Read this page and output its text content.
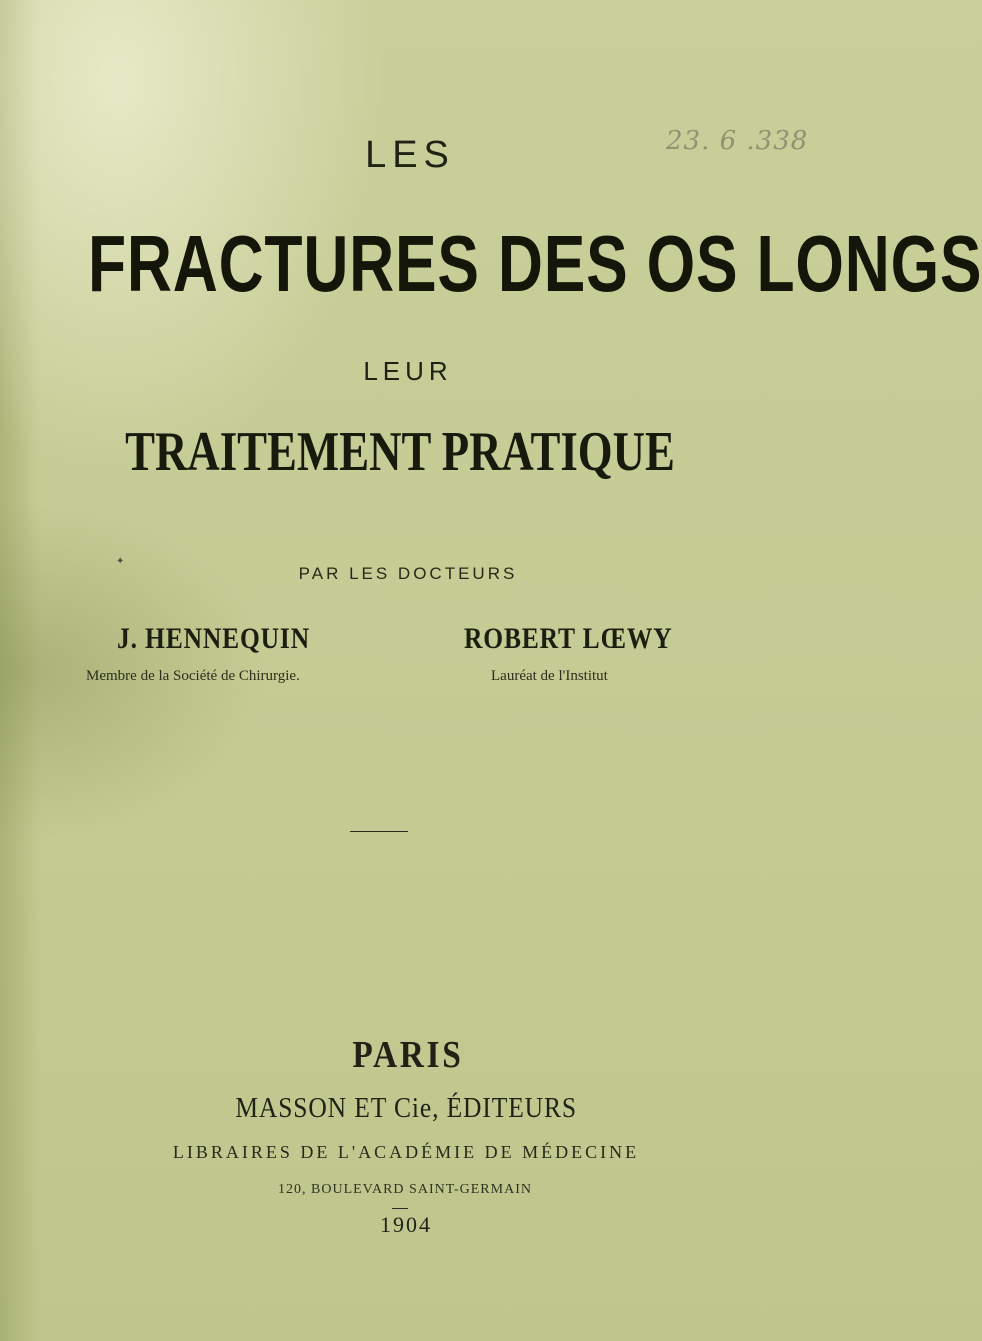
23. 6 .338
LES
FRACTURES DES OS LONGS
LEUR
TRAITEMENT PRATIQUE
✦
PAR LES DOCTEURS
J. HENNEQUIN
Membre de la Société de Chirurgie.
ROBERT LŒWY
Lauréat de l'Institut
PARIS
MASSON ET Cie, ÉDITEURS
LIBRAIRES DE L'ACADÉMIE DE MÉDECINE
120, BOULEVARD SAINT-GERMAIN
1904
